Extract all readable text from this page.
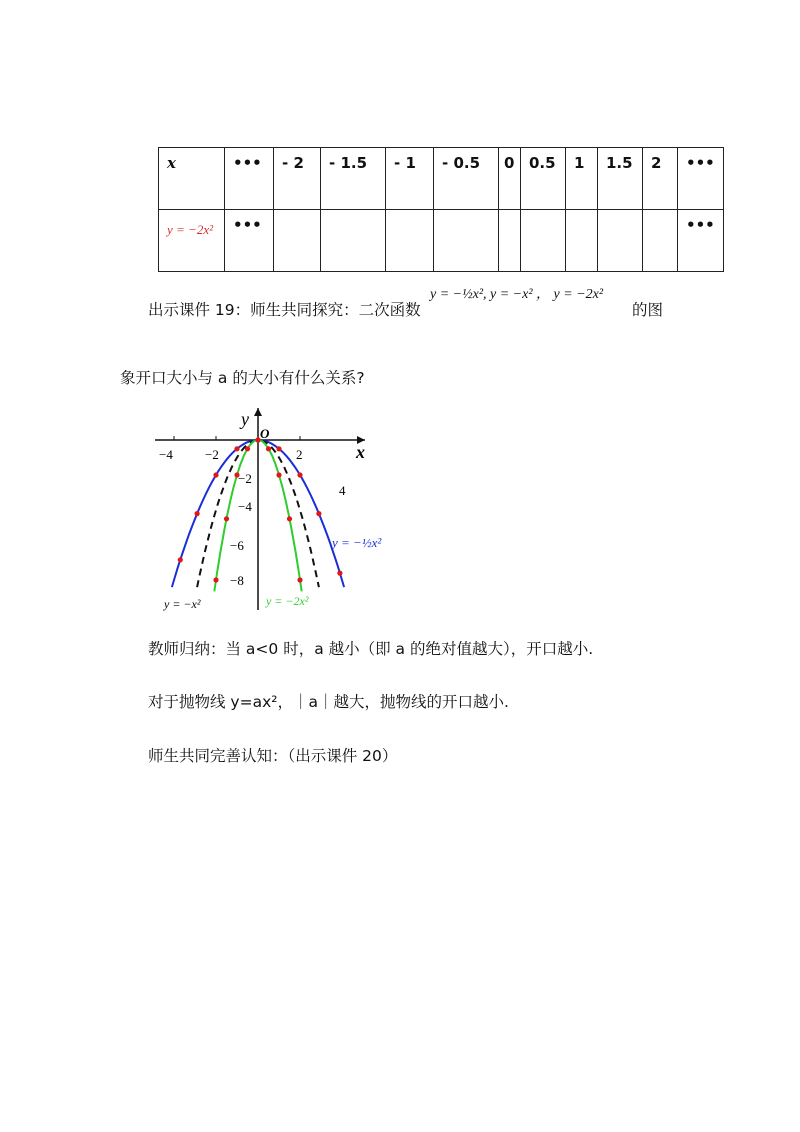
x	•••	- 2	- 1.5	- 1	- 0.5	0	0.5	1	1.5	2	•••

y = −2x²	•••										•••
出示课件 19：师生共同探究：二次函数
y = −½x², y = −x² ， y = −2x²
的图
象开口大小与 a 的大小有什么关系?
y
x
O
−4 −2	2
4
−2
−4
−6
−8
y = −½x²
y = −x²	y = −2x²
教师归纳：当 a<0 时，a 越小（即 a 的绝对值越大），开口越小.
对于抛物线 y=ax²，｜a｜越大，抛物线的开口越小.
师生共同完善认知：（出示课件 20）
